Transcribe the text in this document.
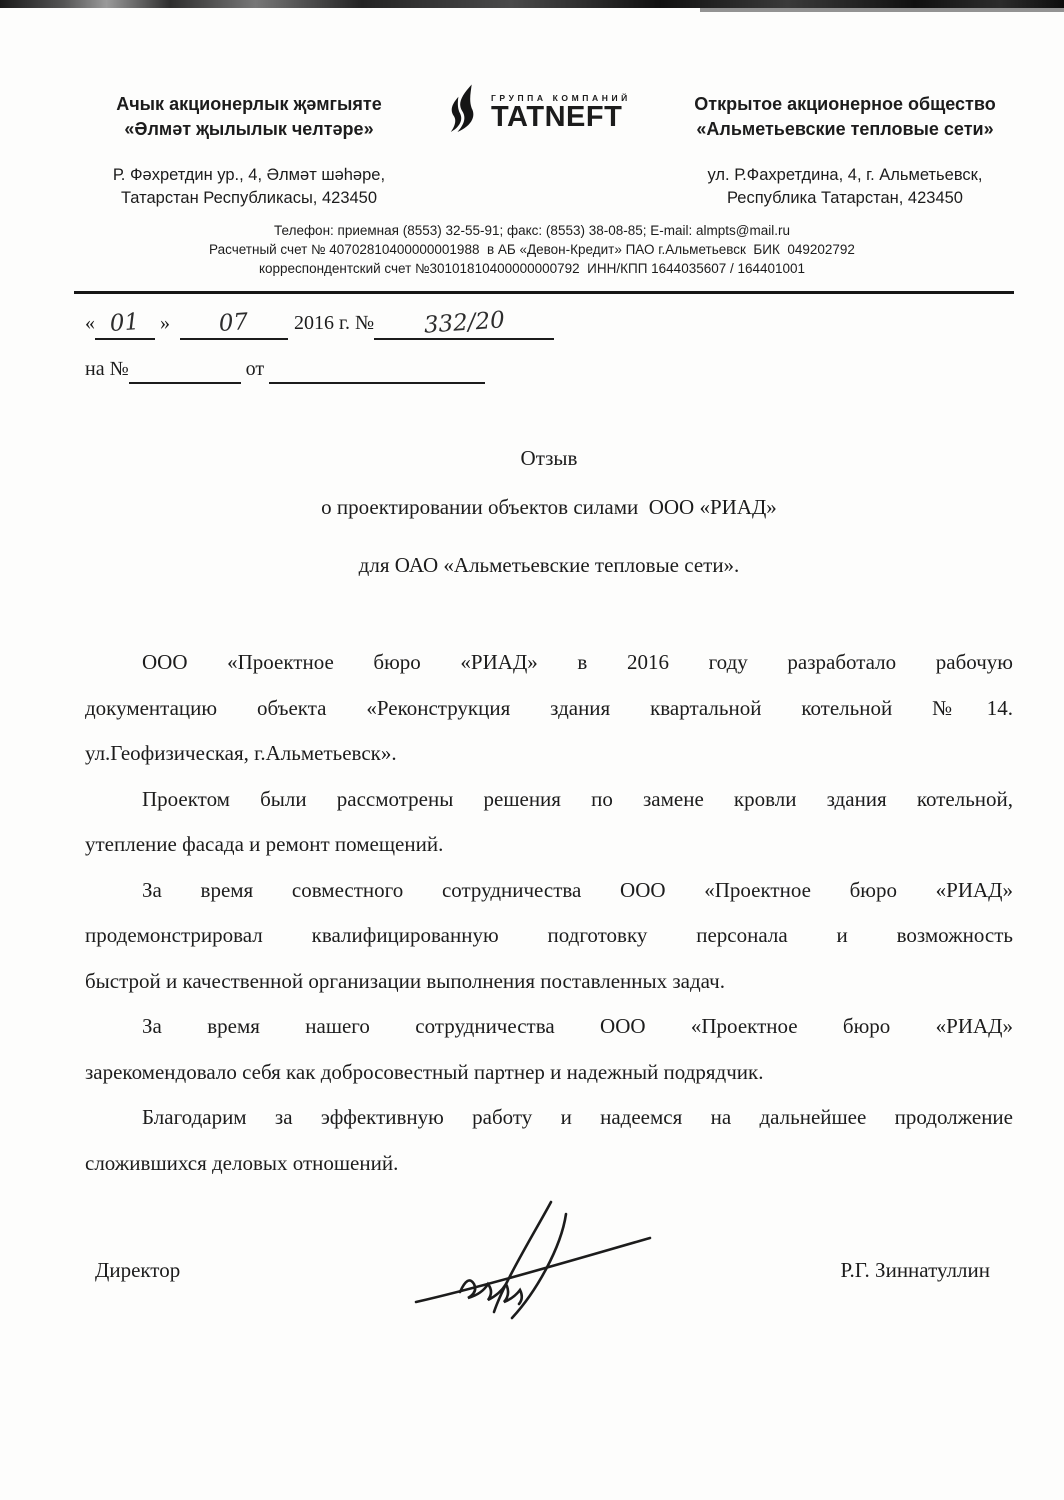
Ачык акционерлык җәмгыяте
«Әлмәт җылылык челтәре»
Р. Фәхретдин ур., 4, Әлмәт шәһәре,
Татарстан Республикасы, 423450
ГРУППА КОМПАНИЙ
TATNEFT	Открытое акционерное общество
«Альметьевские тепловые сети»
ул. Р.Фахретдина, 4, г. Альметьевск,
Республика Татарстан, 423450
Телефон: приемная (8553) 32-55-91; факс: (8553) 38-08-85; E-mail: almpts@mail.ru
Расчетный счет № 40702810400000001988  в АБ «Девон-Кредит» ПАО г.Альметьевск  БИК  049202792
корреспондентский счет №30101810400000000792  ИНН/КПП 1644035607 / 164401001
« 01 » 07 2016 г. № 332/20
на №	от
Отзыв
о проектировании объектов силами  ООО «РИАД»
для ОАО «Альметьевские тепловые сети».
ООО «Проектное бюро «РИАД» в 2016 году разработало рабочую
документацию объекта «Реконструкция здания квартальной котельной №14.
ул.Геофизическая, г.Альметьевск».
Проектом были рассмотрены решения по замене кровли здания котельной,
утепление фасада и ремонт помещений.
За время совместного сотрудничества ООО «Проектное бюро «РИАД»
продемонстрировал квалифицированную подготовку персонала и возможность
быстрой и качественной организации выполнения поставленных задач.
За время нашего сотрудничества ООО «Проектное бюро «РИАД»
зарекомендовало себя как добросовестный партнер и надежный подрядчик.
Благодарим за эффективную работу и надеемся на дальнейшее продолжение
сложившихся деловых отношений.
Директор	Р.Г. Зиннатуллин
